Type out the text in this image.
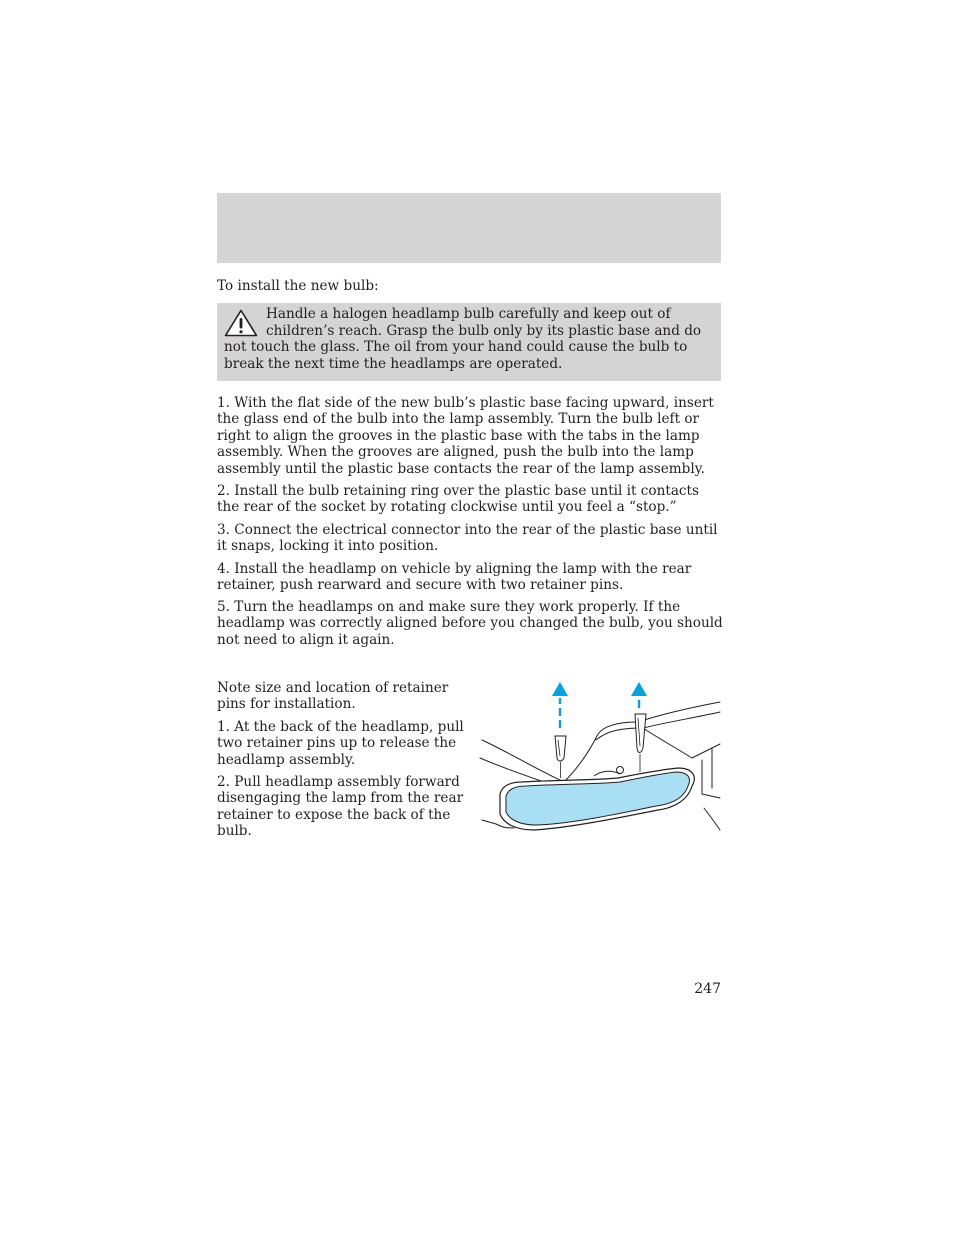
To install the new bulb:

Handle a halogen headlamp bulb carefully and keep out of children’s reach. Grasp the bulb only by its plastic base and do not touch the glass. The oil from your hand could cause the bulb to break the next time the headlamps are operated.

1. With the flat side of the new bulb’s plastic base facing upward, insert the glass end of the bulb into the lamp assembly. Turn the bulb left or right to align the grooves in the plastic base with the tabs in the lamp assembly. When the grooves are aligned, push the bulb into the lamp assembly until the plastic base contacts the rear of the lamp assembly.

2. Install the bulb retaining ring over the plastic base until it contacts the rear of the socket by rotating clockwise until you feel a “stop.”

3. Connect the electrical connector into the rear of the plastic base until it snaps, locking it into position.

4. Install the headlamp on vehicle by aligning the lamp with the rear retainer, push rearward and secure with two retainer pins.

5. Turn the headlamps on and make sure they work properly. If the headlamp was correctly aligned before you changed the bulb, you should not need to align it again.

Note size and location of retainer pins for installation.

1. At the back of the headlamp, pull two retainer pins up to release the headlamp assembly.

2. Pull headlamp assembly forward disengaging the lamp from the rear retainer to expose the back of the bulb.

247
